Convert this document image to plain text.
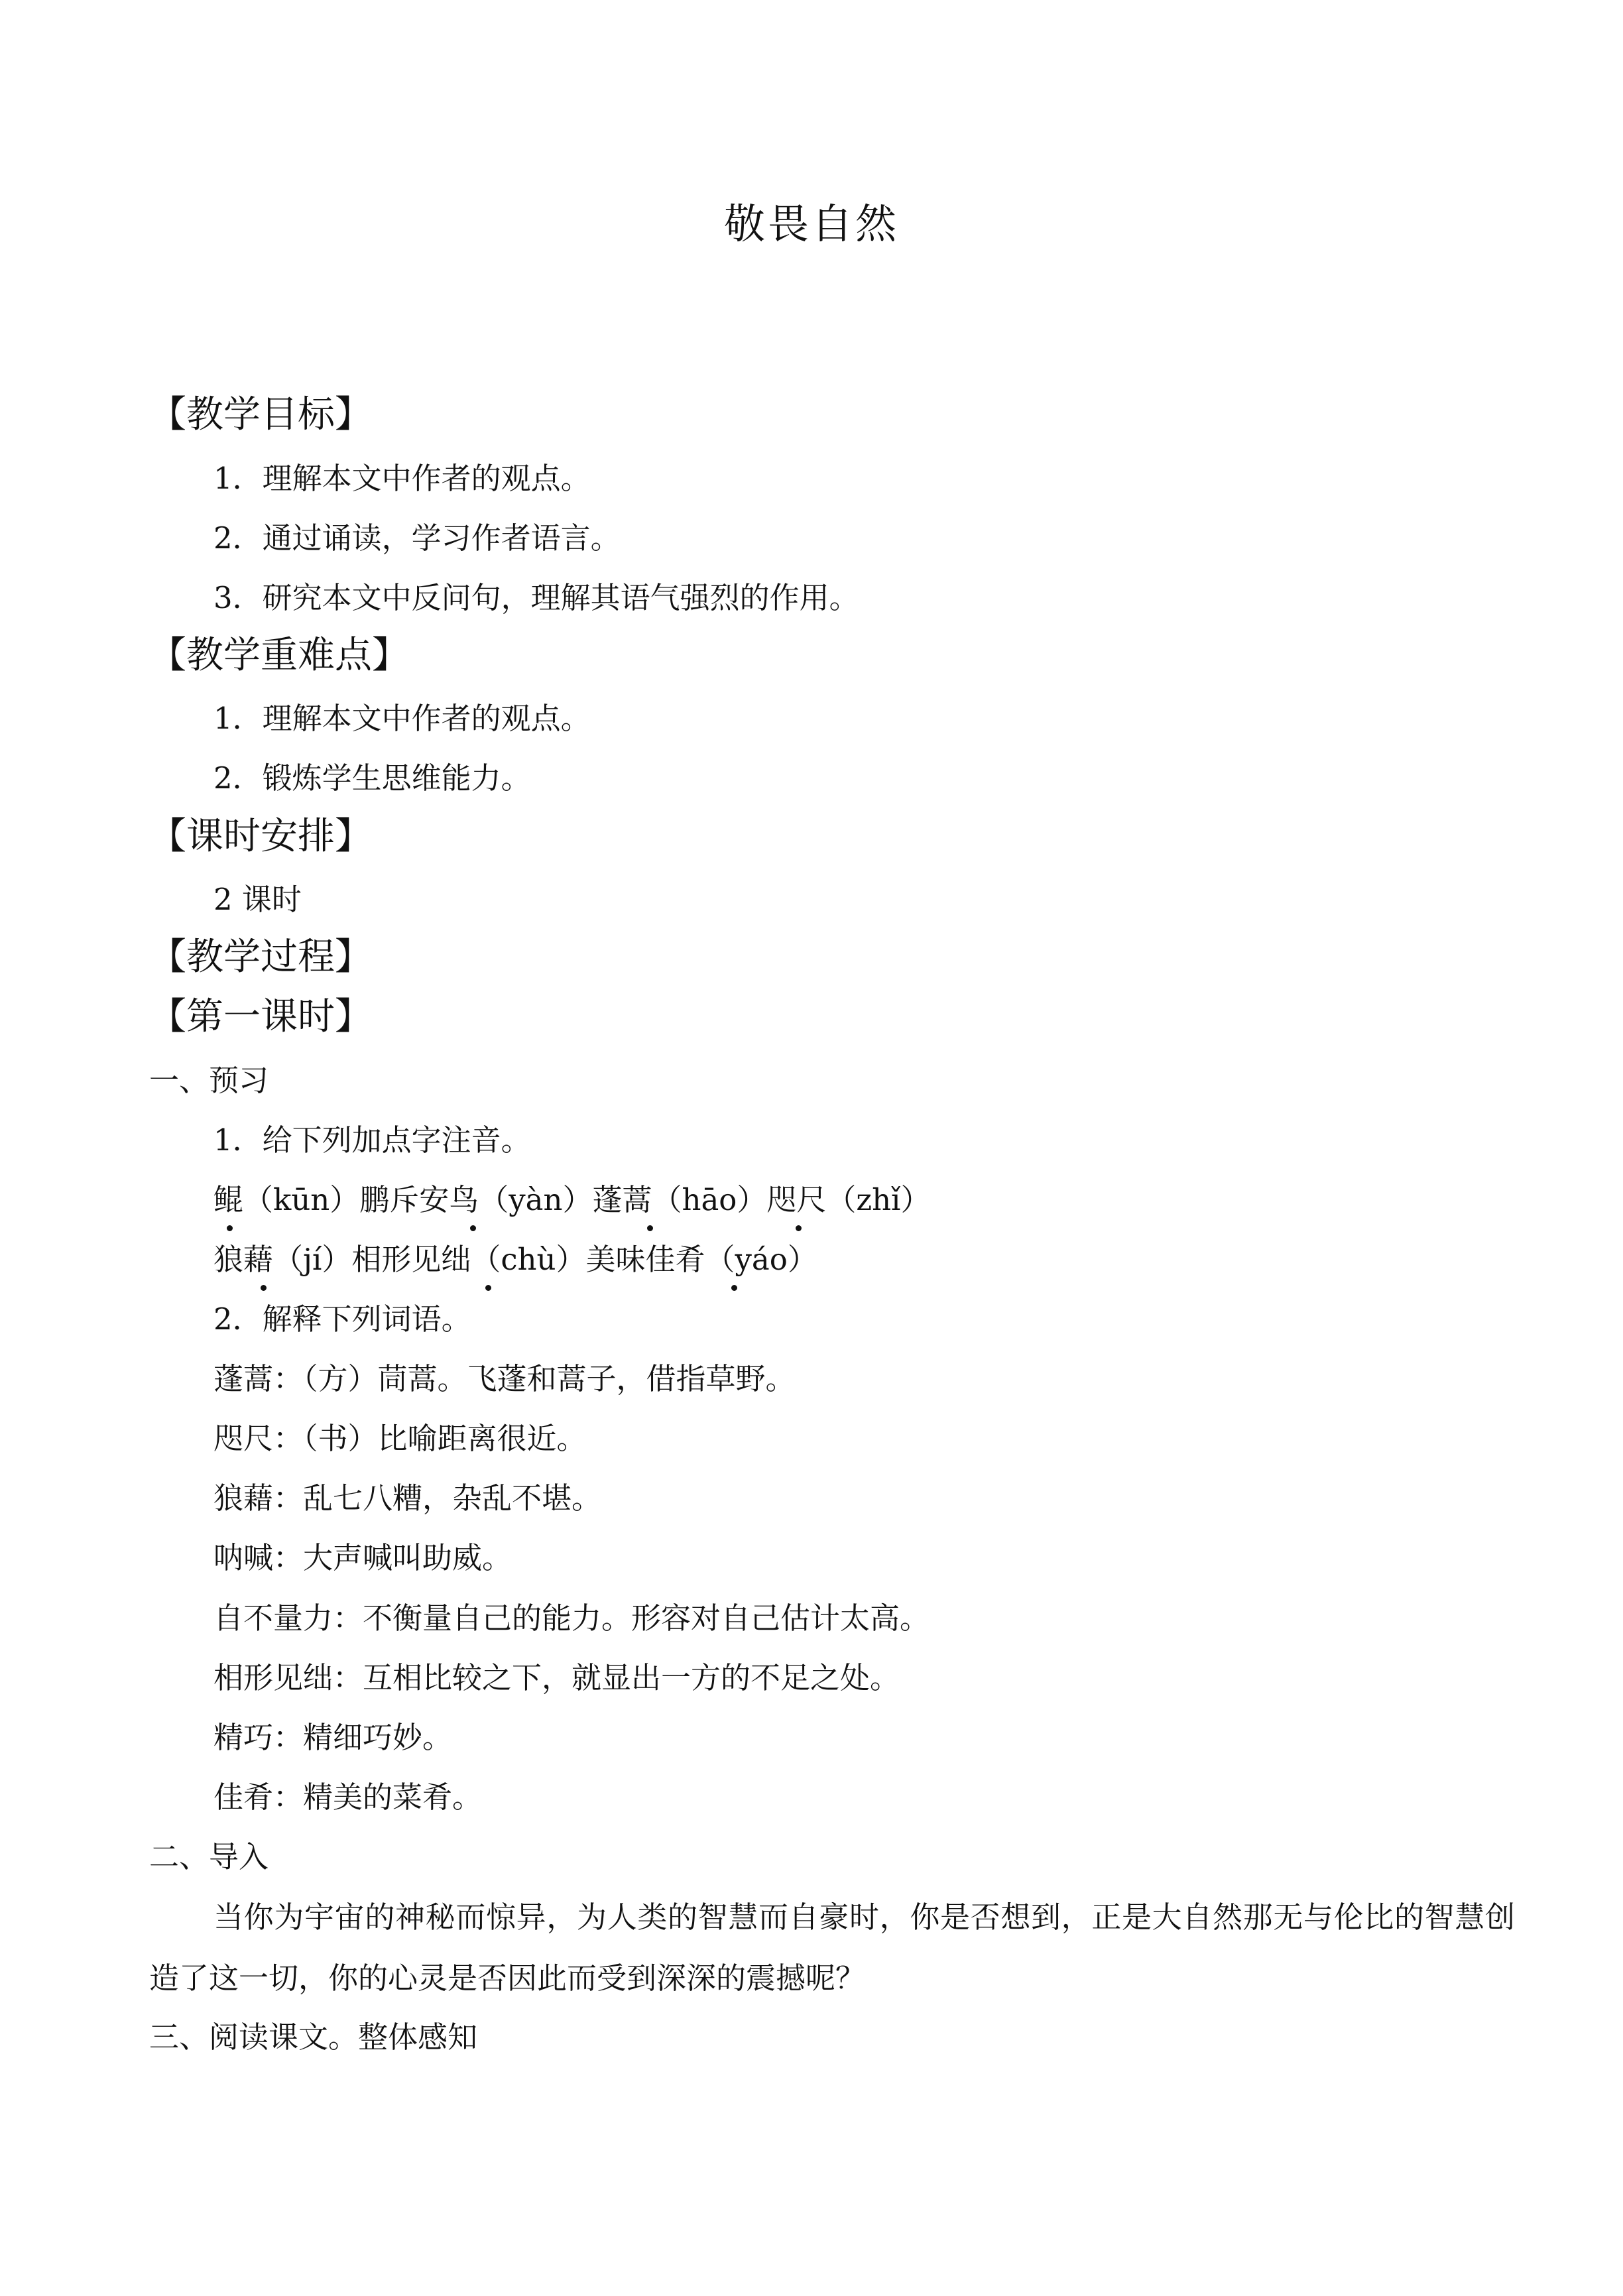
敬畏自然
【教学目标】
1．理解本文中作者的观点。
2．通过诵读，学习作者语言。
3．研究本文中反问句，理解其语气强烈的作用。
【教学重难点】
1．理解本文中作者的观点。
2．锻炼学生思维能力。
【课时安排】
2 课时
【教学过程】
【第一课时】
一、预习
1．给下列加点字注音。
鲲（kūn）鹏斥安鸟（yàn）蓬蒿（hāo）咫尺（zhǐ）
狼藉（jí）相形见绌（chù）美味佳肴（yáo）
2．解释下列词语。
蓬蒿：（方）茼蒿。飞蓬和蒿子，借指草野。
咫尺：（书）比喻距离很近。
狼藉：乱七八糟，杂乱不堪。
呐喊：大声喊叫助威。
自不量力：不衡量自己的能力。形容对自己估计太高。
相形见绌：互相比较之下，就显出一方的不足之处。
精巧：精细巧妙。
佳肴：精美的菜肴。
二、导入
当你为宇宙的神秘而惊异，为人类的智慧而自豪时，你是否想到，正是大自然那无与伦比的智慧创造了这一切，你的心灵是否因此而受到深深的震撼呢？
三、阅读课文。整体感知
